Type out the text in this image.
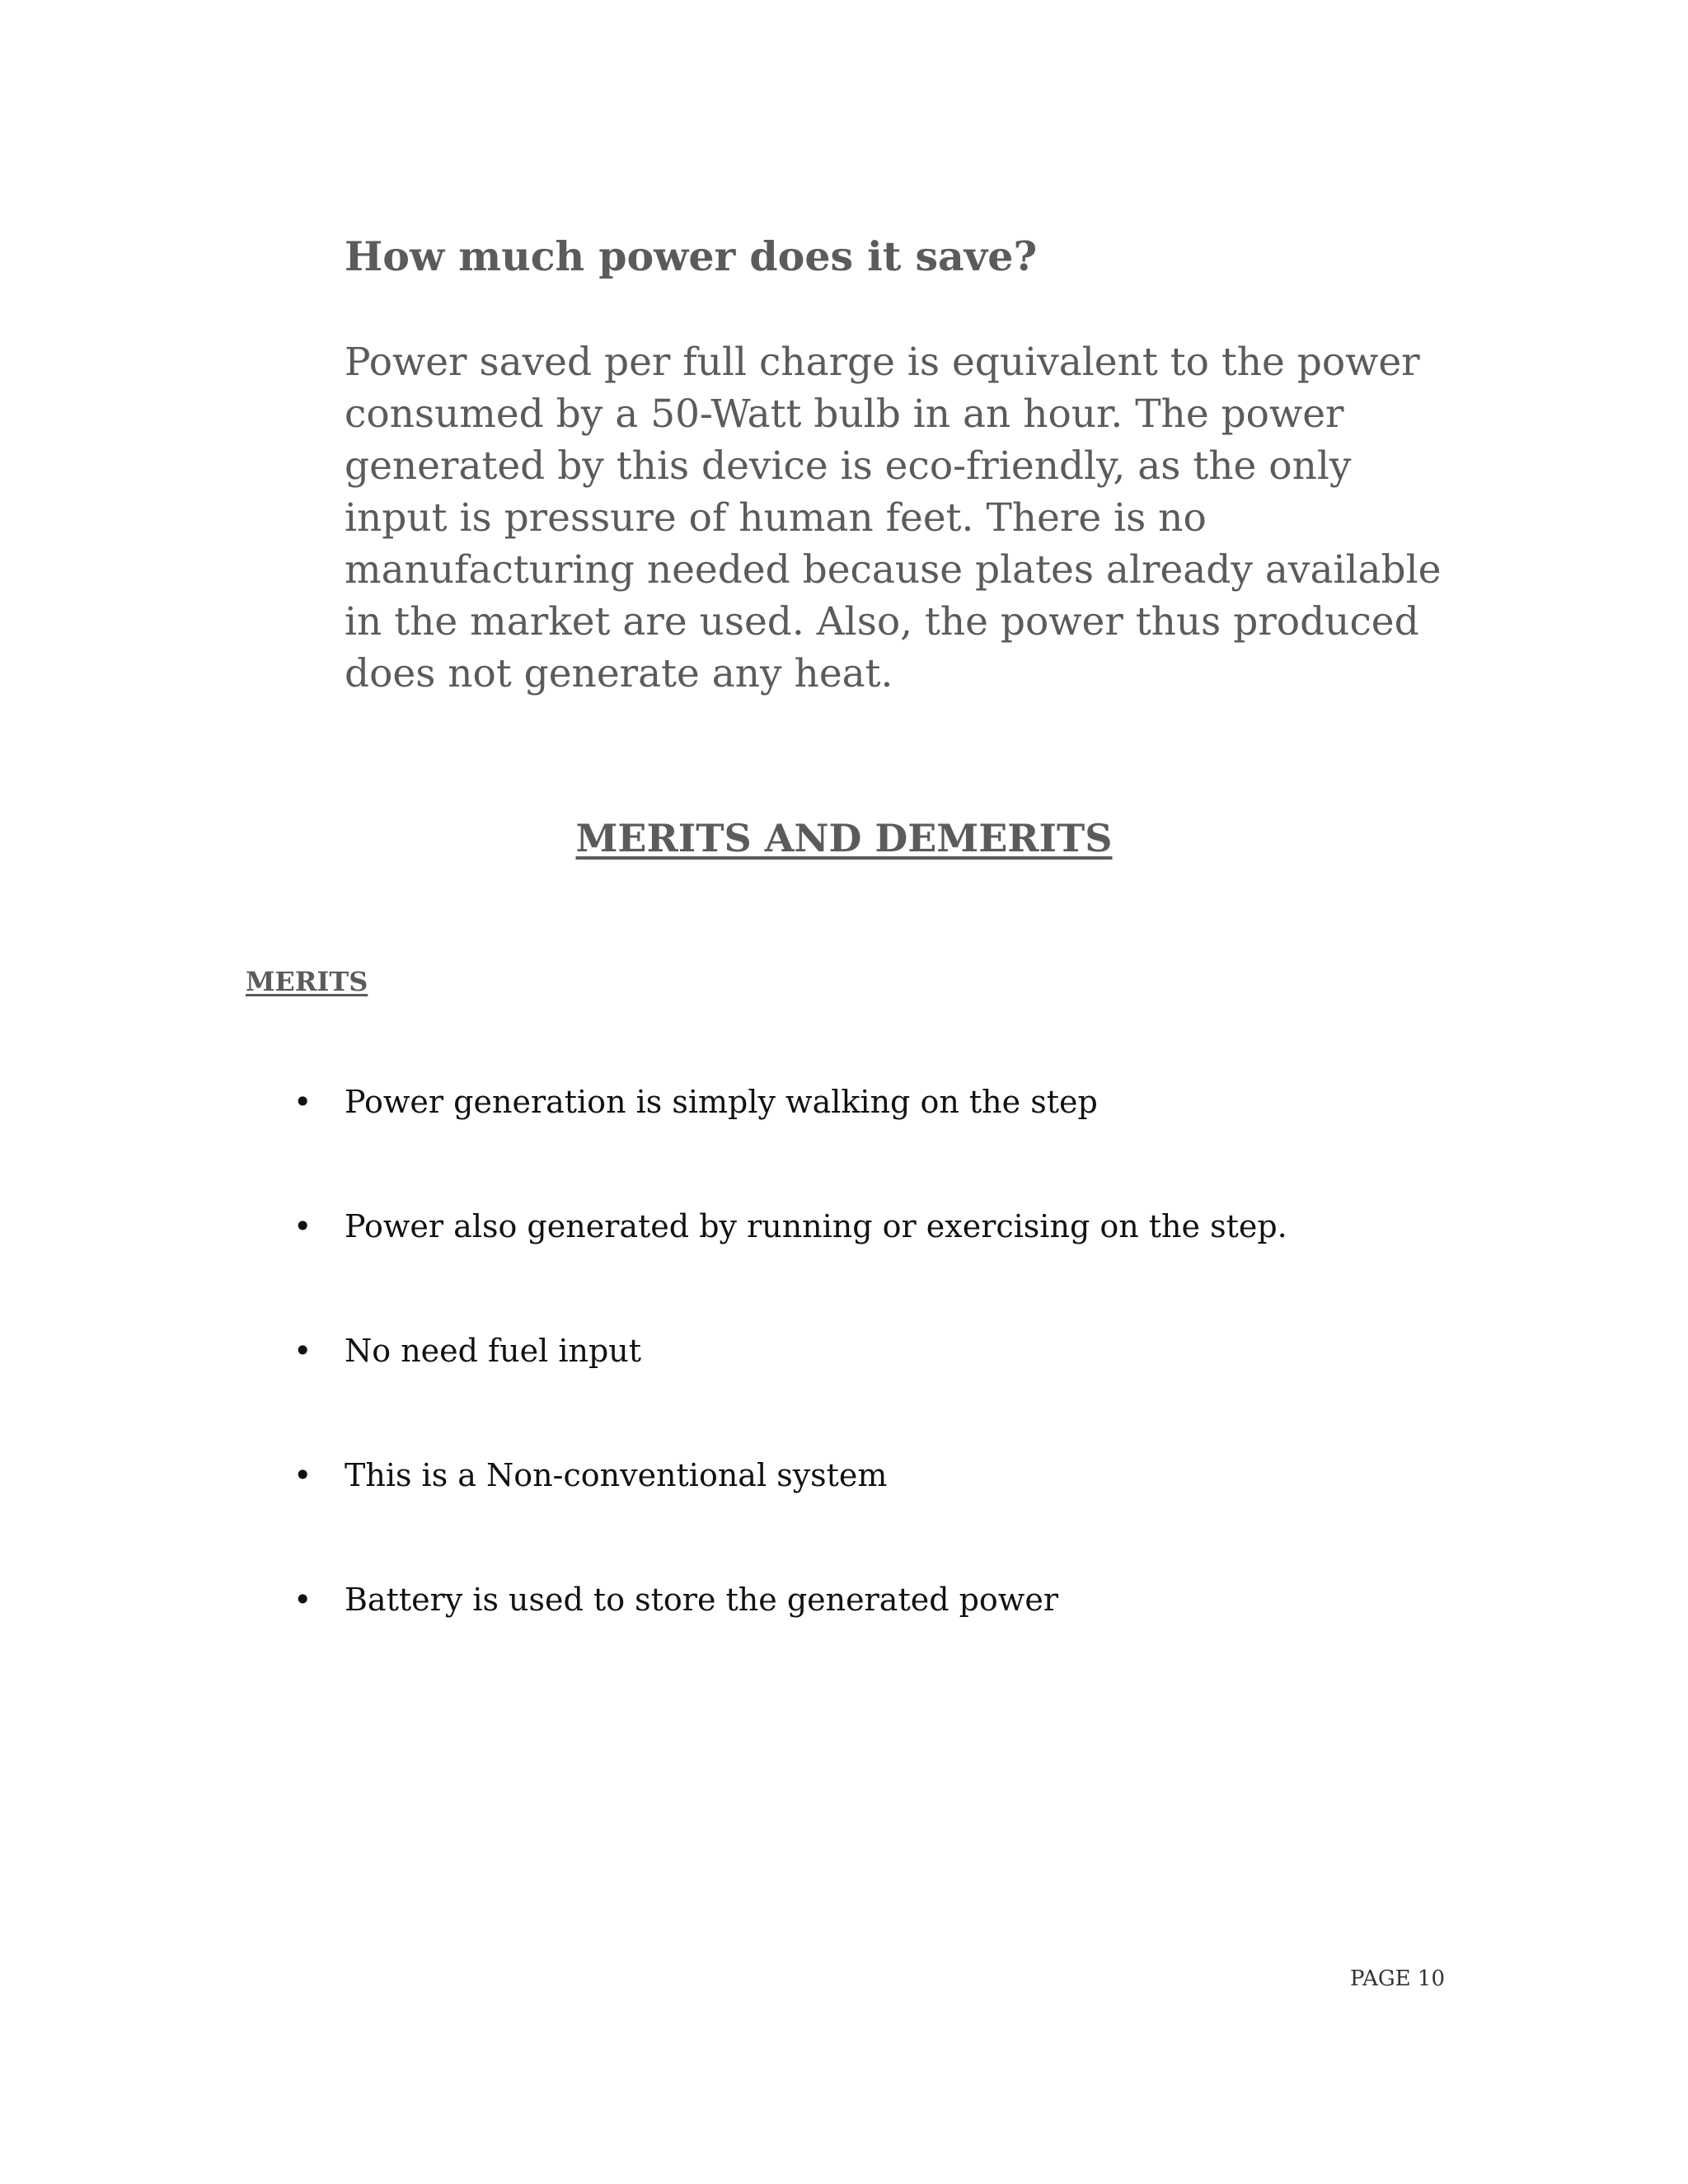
How much power does it save?

Power saved per full charge is equivalent to the power consumed by a 50-Watt bulb in an hour. The power generated by this device is eco-friendly, as the only input is pressure of human feet. There is no manufacturing needed because plates already available in the market are used. Also, the power thus produced does not generate any heat.

MERITS AND DEMERITS
MERITS
• Power generation is simply walking on the step
• Power also generated by running or exercising on the step.
• No need fuel input
• This is a Non-conventional system
• Battery is used to store the generated power
PAGE 10
